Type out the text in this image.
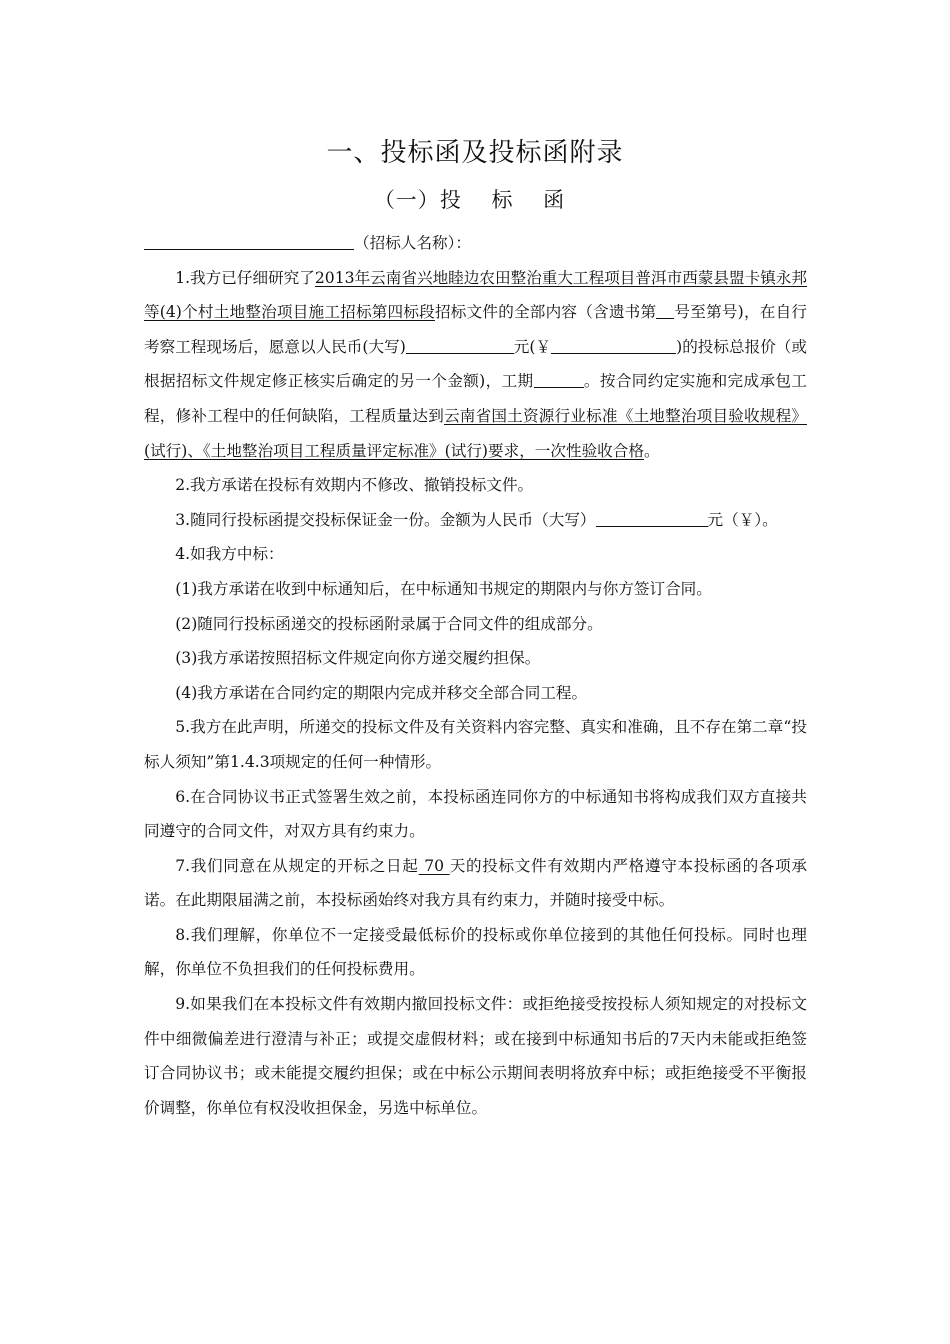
一、投标函及投标函附录
（一）投 标 函

（招标人名称）：

1.我方已仔细研究了2013年云南省兴地睦边农田整治重大工程项目普洱市西蒙县盟卡镇永邦等(4)个村土地整治项目施工招标第四标段招标文件的全部内容（含遗书第 号至第号)，在自行考察工程现场后，愿意以人民币(大写)	元(￥	)的投标总报价（或根据招标文件规定修正核实后确定的另一个金额)，工期	。按合同约定实施和完成承包工程，修补工程中的任何缺陷，工程质量达到云南省国土资源行业标准《土地整治项目验收规程》(试行)、《土地整治项目工程质量评定标准》(试行)要求，一次性验收合格。

2.我方承诺在投标有效期内不修改、撤销投标文件。

3.随同行投标函提交投标保证金一份。金额为人民币（大写）	元（￥）。

4.如我方中标：

(1)我方承诺在收到中标通知后，在中标通知书规定的期限内与你方签订合同。

(2)随同行投标函递交的投标函附录属于合同文件的组成部分。

(3)我方承诺按照招标文件规定向你方递交履约担保。

(4)我方承诺在合同约定的期限内完成并移交全部合同工程。

5.我方在此声明，所递交的投标文件及有关资料内容完整、真实和准确，且不存在第二章“投标人须知”第1.4.3项规定的任何一种情形。

6.在合同协议书正式签署生效之前，本投标函连同你方的中标通知书将构成我们双方直接共同遵守的合同文件，对双方具有约束力。

7.我们同意在从规定的开标之日起 70 天的投标文件有效期内严格遵守本投标函的各项承诺。在此期限届满之前，本投标函始终对我方具有约束力，并随时接受中标。

8.我们理解，你单位不一定接受最低标价的投标或你单位接到的其他任何投标。同时也理解，你单位不负担我们的任何投标费用。

9.如果我们在本投标文件有效期内撤回投标文件：或拒绝接受按投标人须知规定的对投标文件中细微偏差进行澄清与补正；或提交虚假材料；或在接到中标通知书后的7天内未能或拒绝签订合同协议书；或未能提交履约担保；或在中标公示期间表明将放弃中标；或拒绝接受不平衡报价调整，你单位有权没收担保金，另选中标单位。
